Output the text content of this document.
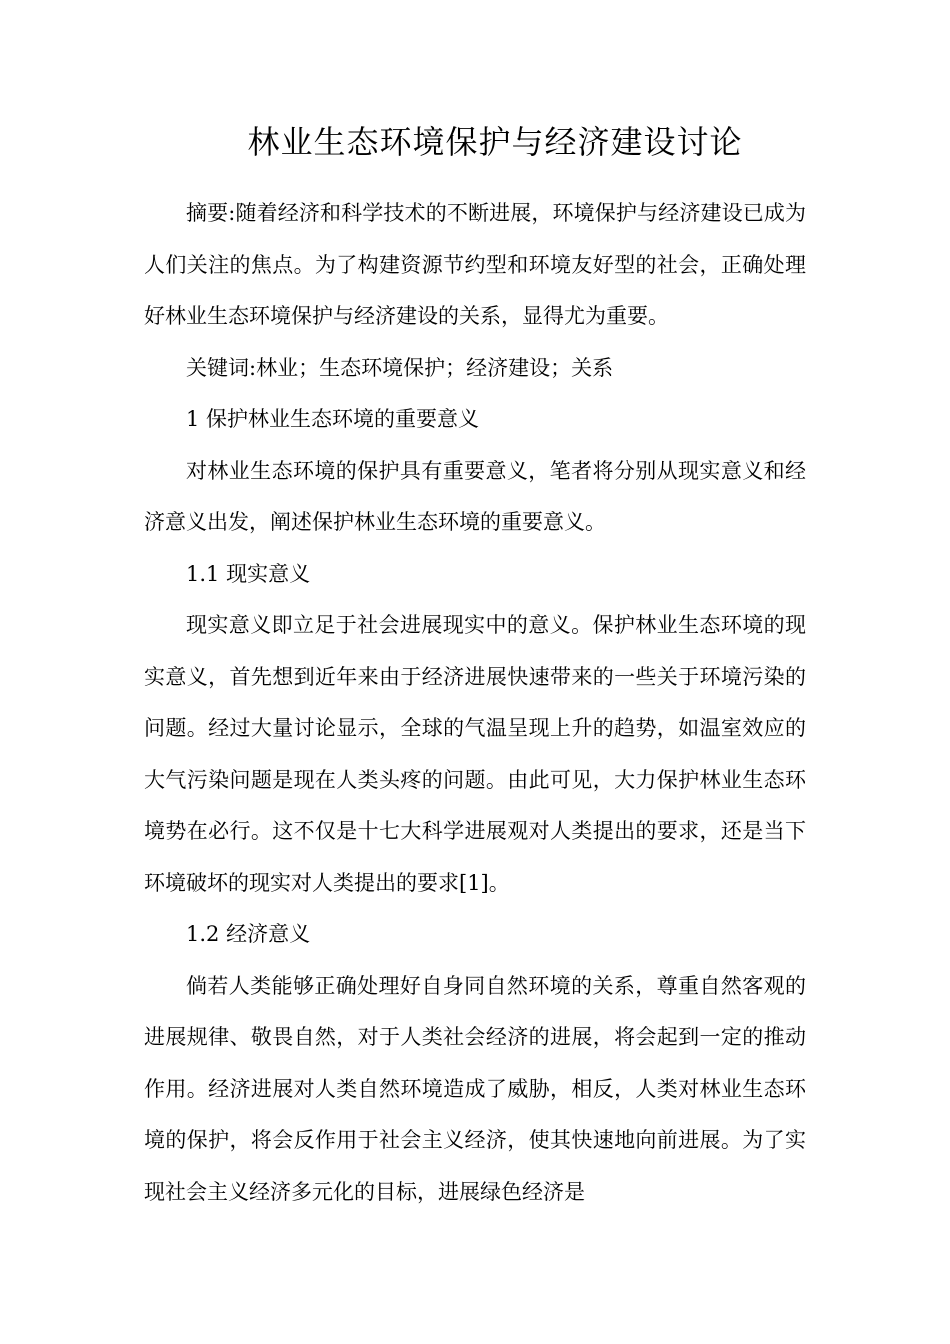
林业生态环境保护与经济建设讨论

摘要:随着经济和科学技术的不断进展，环境保护与经济建设已成为人们关注的焦点。为了构建资源节约型和环境友好型的社会，正确处理好林业生态环境保护与经济建设的关系，显得尤为重要。

关键词:林业；生态环境保护；经济建设；关系

1 保护林业生态环境的重要意义

对林业生态环境的保护具有重要意义，笔者将分别从现实意义和经济意义出发，阐述保护林业生态环境的重要意义。

1.1 现实意义

现实意义即立足于社会进展现实中的意义。保护林业生态环境的现实意义，首先想到近年来由于经济进展快速带来的一些关于环境污染的问题。经过大量讨论显示，全球的气温呈现上升的趋势，如温室效应的大气污染问题是现在人类头疼的问题。由此可见，大力保护林业生态环境势在必行。这不仅是十七大科学进展观对人类提出的要求，还是当下环境破坏的现实对人类提出的要求[1]。

1.2 经济意义

倘若人类能够正确处理好自身同自然环境的关系，尊重自然客观的进展规律、敬畏自然，对于人类社会经济的进展，将会起到一定的推动作用。经济进展对人类自然环境造成了威胁，相反，人类对林业生态环境的保护，将会反作用于社会主义经济，使其快速地向前进展。为了实现社会主义经济多元化的目标，进展绿色经济是
